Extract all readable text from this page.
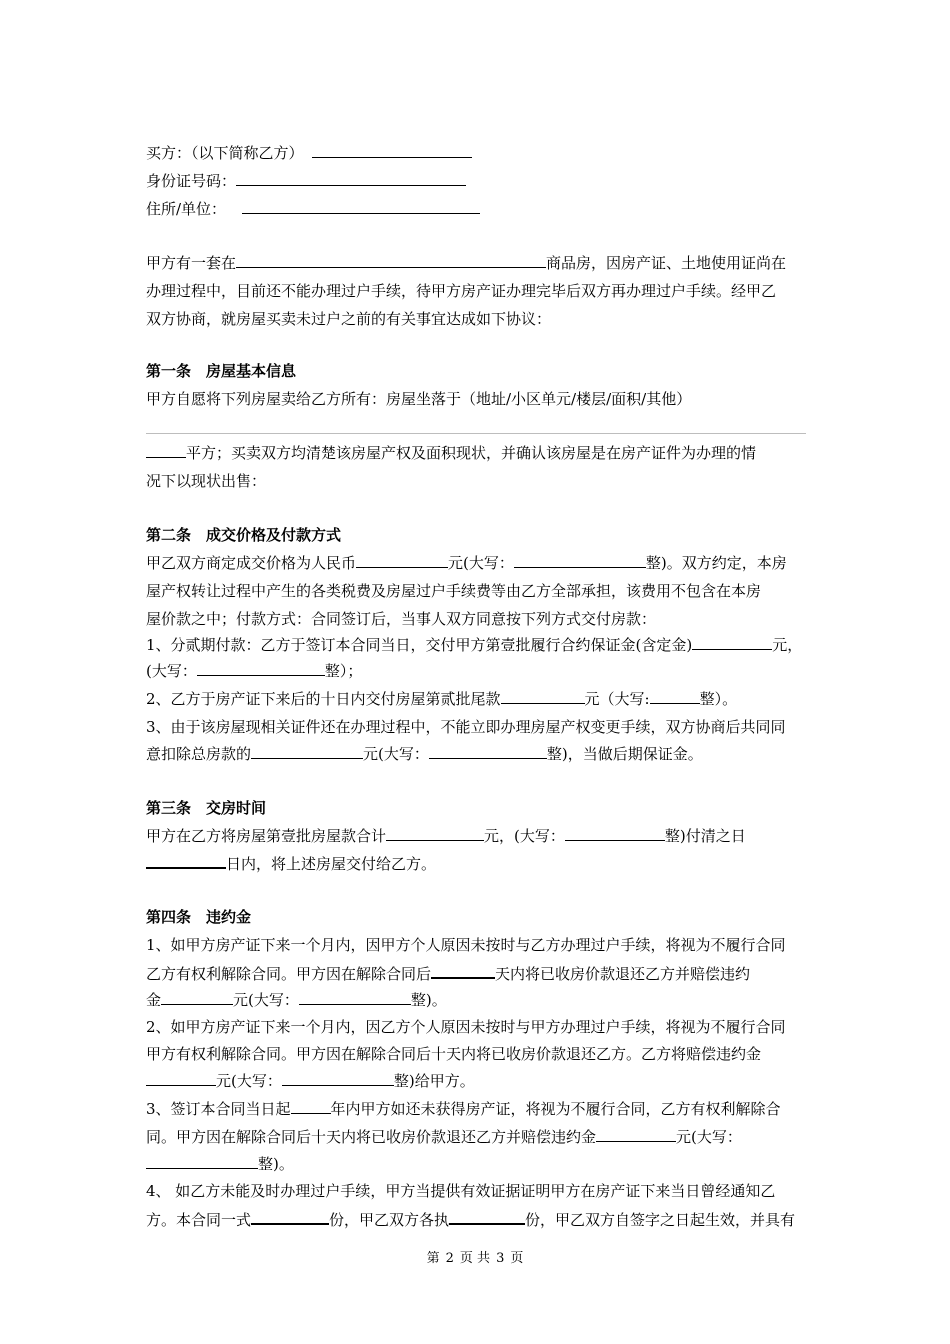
买方：（以下简称乙方）
身份证号码：
住所/单位：
甲方有一套在	商品房，因房产证、土地使用证尚在
办理过程中，目前还不能办理过户手续，待甲方房产证办理完毕后双方再办理过户手续。经甲乙
双方协商，就房屋买卖未过户之前的有关事宜达成如下协议：
第一条　房屋基本信息
甲方自愿将下列房屋卖给乙方所有：房屋坐落于（地址/小区单元/楼层/面积/其他）
平方；买卖双方均清楚该房屋产权及面积现状，并确认该房屋是在房产证件为办理的情
况下以现状出售：
第二条　成交价格及付款方式
甲乙双方商定成交价格为人民币	元(大写：	整)。双方约定，本房
屋产权转让过程中产生的各类税费及房屋过户手续费等由乙方全部承担，该费用不包含在本房
屋价款之中；付款方式：合同签订后，当事人双方同意按下列方式交付房款：
1、分贰期付款：乙方于签订本合同当日，交付甲方第壹批履行合约保证金(含定金)	元，
(大写：	整）；
2、乙方于房产证下来后的十日内交付房屋第贰批尾款	元（大写:	整）。
3、由于该房屋现相关证件还在办理过程中，不能立即办理房屋产权变更手续，双方协商后共同同
意扣除总房款的	元(大写：	整)，当做后期保证金。
第三条　交房时间
甲方在乙方将房屋第壹批房屋款合计	元，(大写：	整)付清之日
日内，将上述房屋交付给乙方。
第四条　违约金
1、如甲方房产证下来一个月内，因甲方个人原因未按时与乙方办理过户手续，将视为不履行合同
乙方有权利解除合同。甲方因在解除合同后	天内将已收房价款退还乙方并赔偿违约
金	元(大写：	整)。
2、如甲方房产证下来一个月内，因乙方个人原因未按时与甲方办理过户手续，将视为不履行合同
甲方有权利解除合同。甲方因在解除合同后十天内将已收房价款退还乙方。乙方将赔偿违约金
元(大写：	整)给甲方。
3、签订本合同当日起	年内甲方如还未获得房产证，将视为不履行合同，乙方有权利解除合
同。甲方因在解除合同后十天内将已收房价款退还乙方并赔偿违约金	元(大写：
整)。
4、 如乙方未能及时办理过户手续，甲方当提供有效证据证明甲方在房产证下来当日曾经通知乙
方。本合同一式	份，甲乙双方各执	份，甲乙双方自签字之日起生效，并具有
第 2 页 共 3 页
